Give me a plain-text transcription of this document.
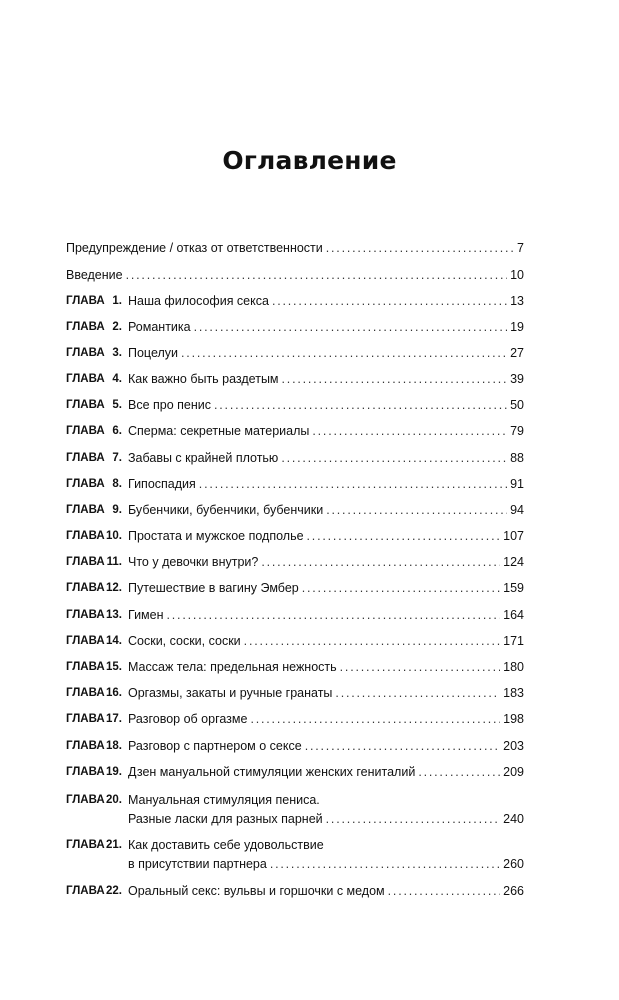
Оглавление
Предупреждение / отказ от ответственности .....	7
Введение .....	10
ГЛАВА 1. Наша философия секса .....	13
ГЛАВА 2. Романтика .....	19
ГЛАВА 3. Поцелуи .....	27
ГЛАВА 4. Как важно быть раздетым .....	39
ГЛАВА 5. Все про пенис .....	50
ГЛАВА 6. Сперма: секретные материалы .....	79
ГЛАВА 7. Забавы с крайней плотью .....	88
ГЛАВА 8. Гипоспадия .....	91
ГЛАВА 9. Бубенчики, бубенчики, бубенчики .....	94
ГЛАВА 10. Простата и мужское подполье .....	107
ГЛАВА 11. Что у девочки внутри? .....	124
ГЛАВА 12. Путешествие в вагину Эмбер .....	159
ГЛАВА 13. Гимен .....	164
ГЛАВА 14. Соски, соски, соски .....	171
ГЛАВА 15. Массаж тела: предельная нежность .....	180
ГЛАВА 16. Оргазмы, закаты и ручные гранаты .....	183
ГЛАВА 17. Разговор об оргазме .....	198
ГЛАВА 18. Разговор с партнером о сексе .....	203
ГЛАВА 19. Дзен мануальной стимуляции женских гениталий .....	209
ГЛАВА 20. Мануальная стимуляция пениса.
Разные ласки для разных парней .....	240
ГЛАВА 21. Как доставить себе удовольствие
в присутствии партнера .....	260
ГЛАВА 22. Оральный секс: вульвы и горшочки с медом .....	266
